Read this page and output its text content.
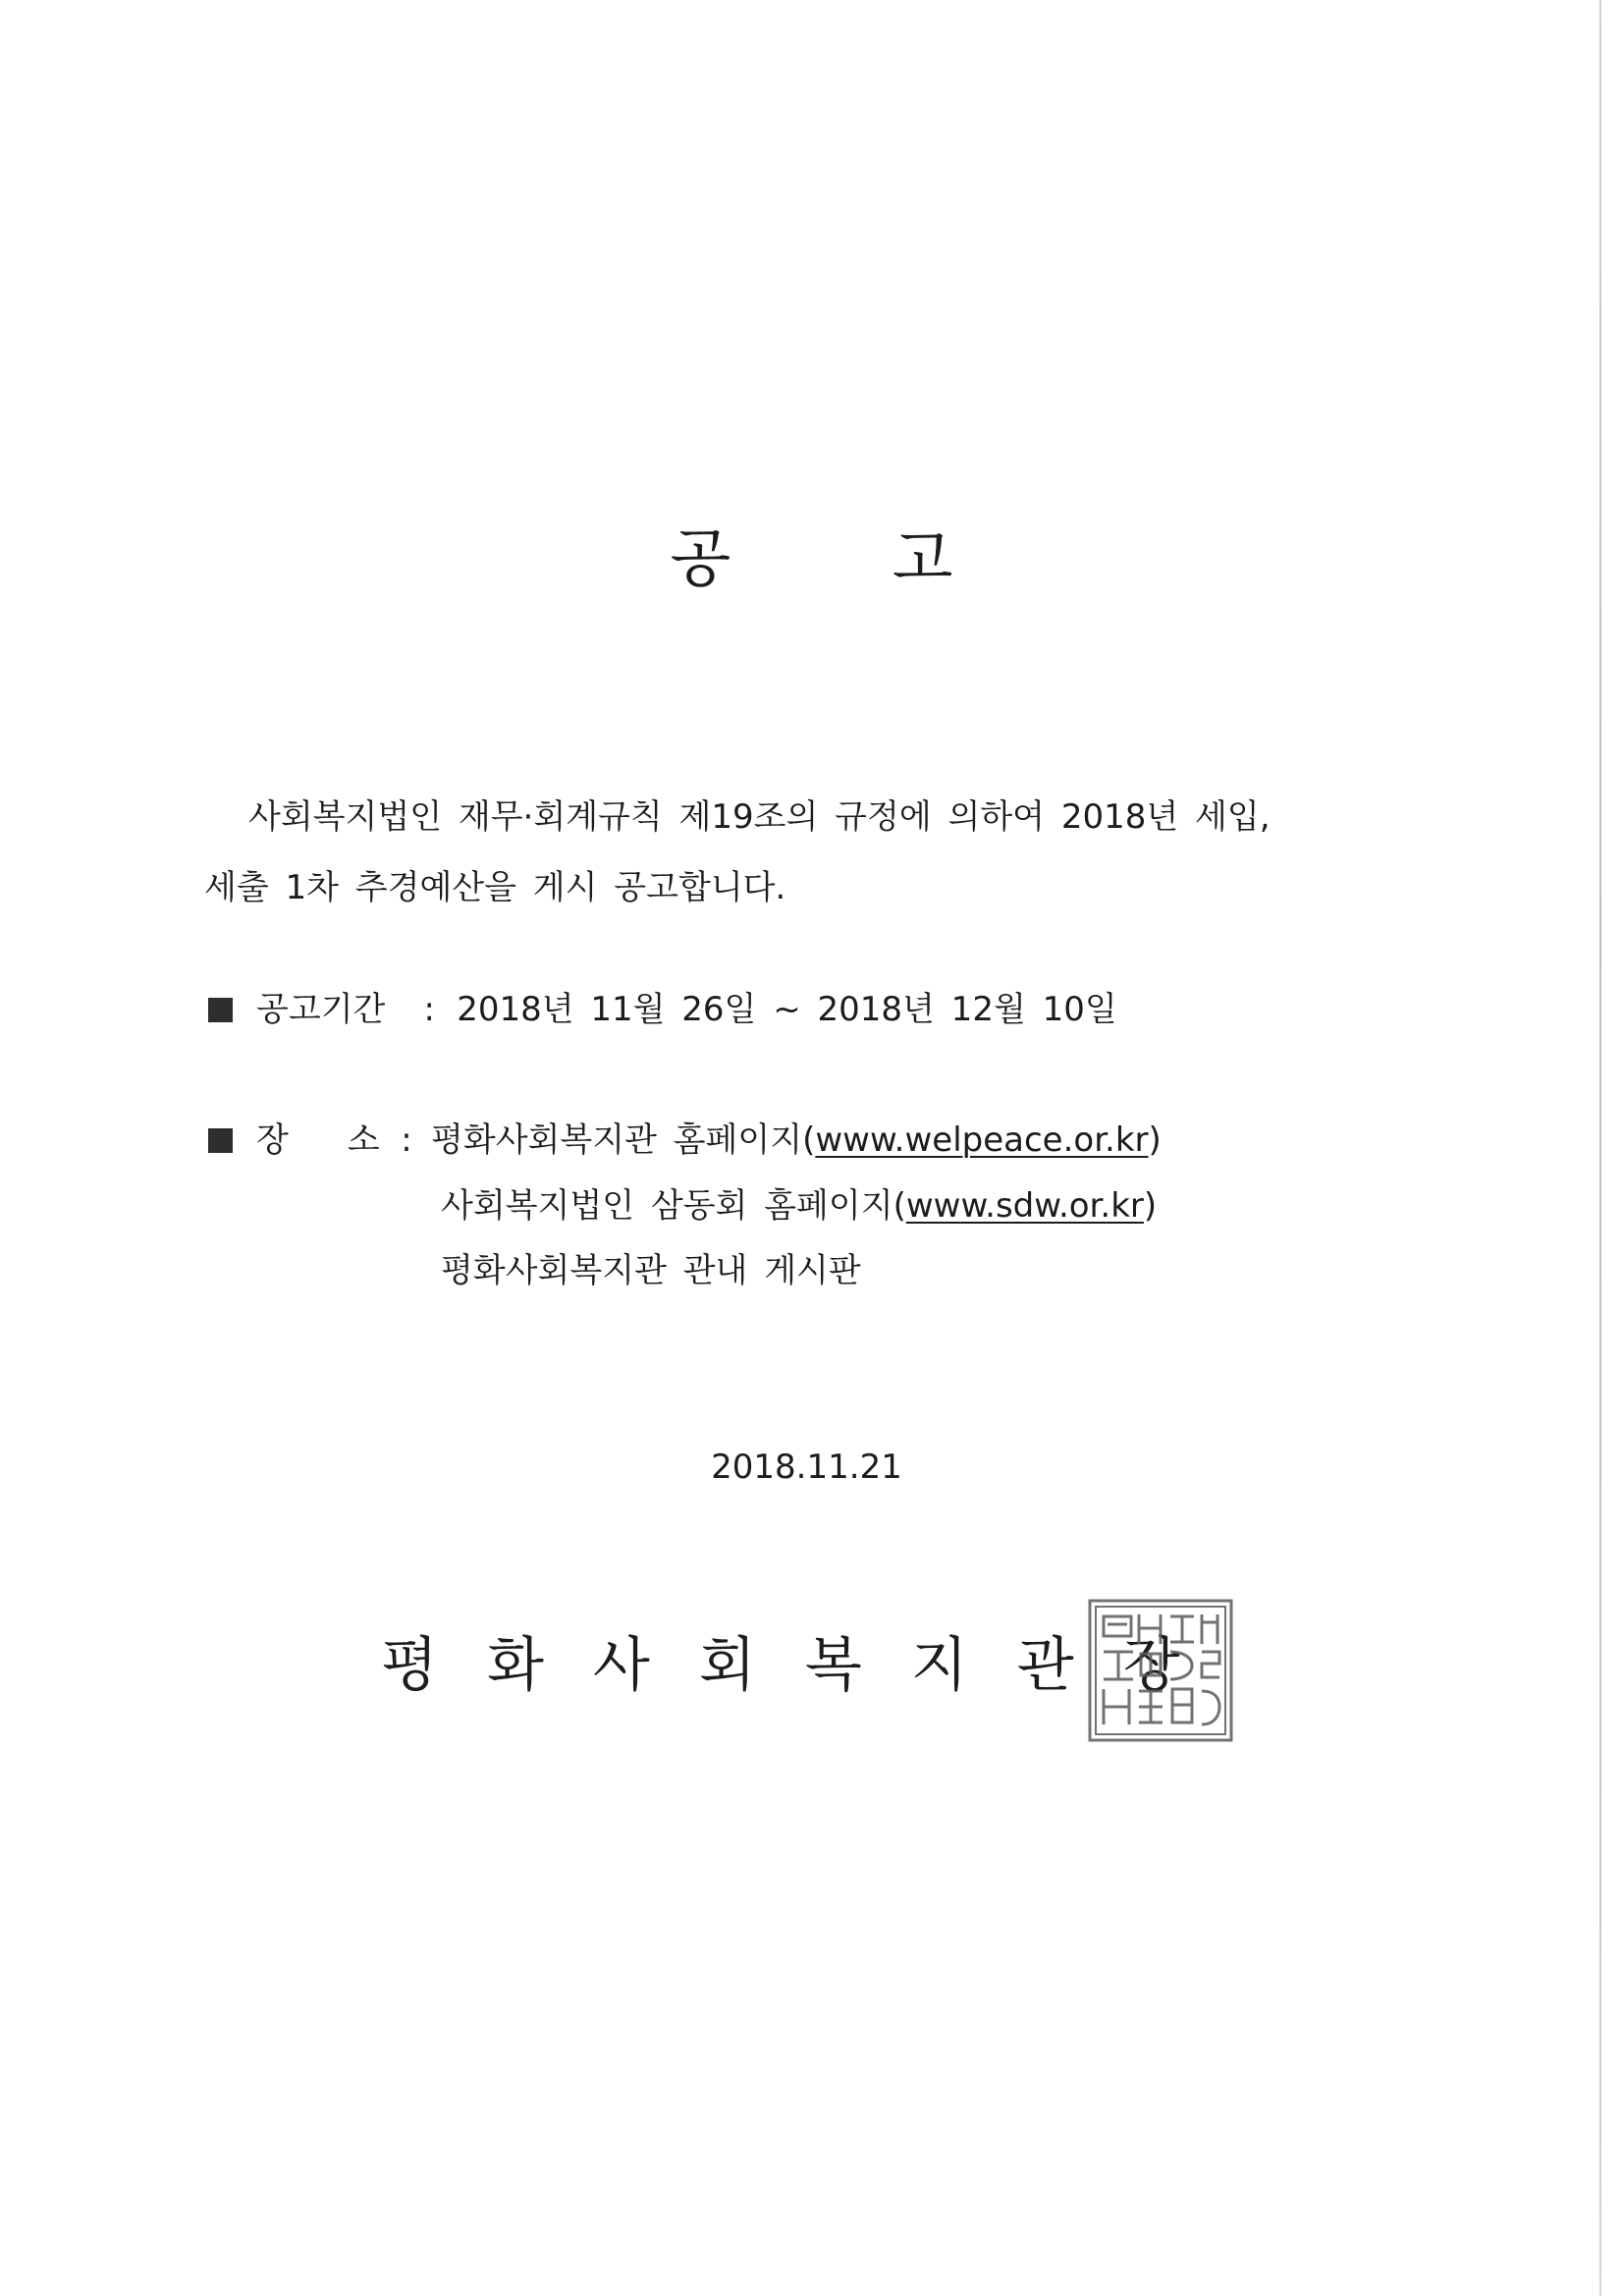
공 고
사회복지법인 재무·회계규칙 제19조의 규정에 의하여 2018년 세입,
세출 1차 추경예산을 게시 공고합니다.
공고기간 : 2018년 11월 26일 ~ 2018년 12월 10일
장 소 : 평화사회복지관 홈페이지(www.welpeace.or.kr)
사회복지법인 삼동회 홈페이지(www.sdw.or.kr)
평화사회복지관 관내 게시판
2018.11.21
평화사회복지관장
